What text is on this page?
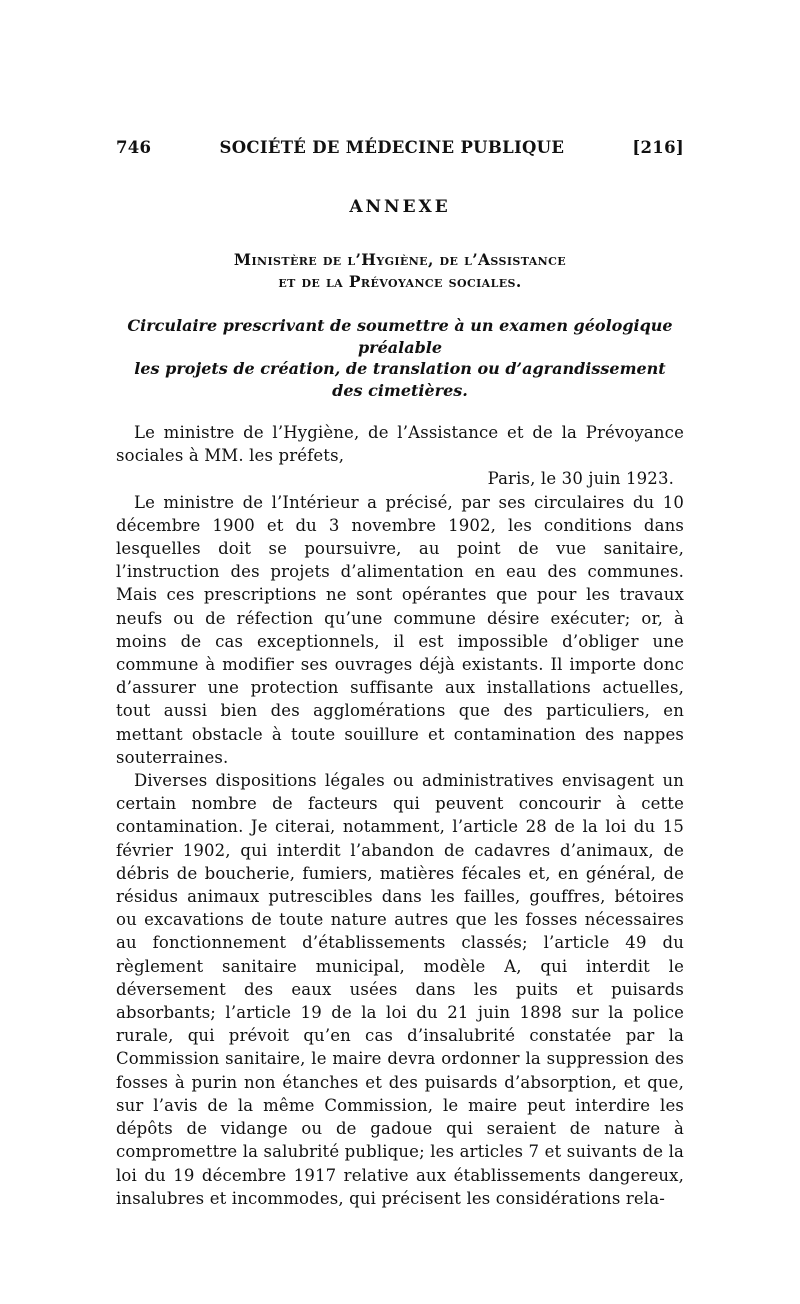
746	SOCIÉTÉ DE MÉDECINE PUBLIQUE	[216]
ANNEXE
Ministère de l’Hygiène, de l’Assistance
et de la Prévoyance sociales.
Circulaire prescrivant de soumettre à un examen géologique préalable
les projets de création, de translation ou d’agrandissement
des cimetières.

Le ministre de l’Hygiène, de l’Assistance et de la Prévoyance sociales à MM. les préfets,

Paris, le 30 juin 1923.

Le ministre de l’Intérieur a précisé, par ses circulaires du 10 décembre 1900 et du 3 novembre 1902, les conditions dans lesquelles doit se poursuivre, au point de vue sanitaire, l’instruction des projets d’alimentation en eau des communes. Mais ces prescriptions ne sont opérantes que pour les travaux neufs ou de réfection qu’une commune désire exécuter; or, à moins de cas exceptionnels, il est impossible d’obliger une commune à modifier ses ouvrages déjà existants. Il importe donc d’assurer une protection suffisante aux installations actuelles, tout aussi bien des agglomérations que des particuliers, en mettant obstacle à toute souillure et contamination des nappes souterraines.

Diverses dispositions légales ou administratives envisagent un certain nombre de facteurs qui peuvent concourir à cette contamination. Je citerai, notamment, l’article 28 de la loi du 15 février 1902, qui interdit l’abandon de cadavres d’animaux, de débris de boucherie, fumiers, matières fécales et, en général, de résidus animaux putrescibles dans les failles, gouffres, bétoires ou excavations de toute nature autres que les fosses nécessaires au fonctionnement d’établissements classés; l’article 49 du règlement sanitaire municipal, modèle A, qui interdit le déversement des eaux usées dans les puits et puisards absorbants; l’article 19 de la loi du 21 juin 1898 sur la police rurale, qui prévoit qu’en cas d’insalubrité constatée par la Commission sanitaire, le maire devra ordonner la suppression des fosses à purin non étanches et des puisards d’absorption, et que, sur l’avis de la même Commission, le maire peut interdire les dépôts de vidange ou de gadoue qui seraient de nature à compromettre la salubrité publique; les articles 7 et suivants de la loi du 19 décembre 1917 relative aux établissements dangereux, insalubres et incommodes, qui précisent les considérations rela-
